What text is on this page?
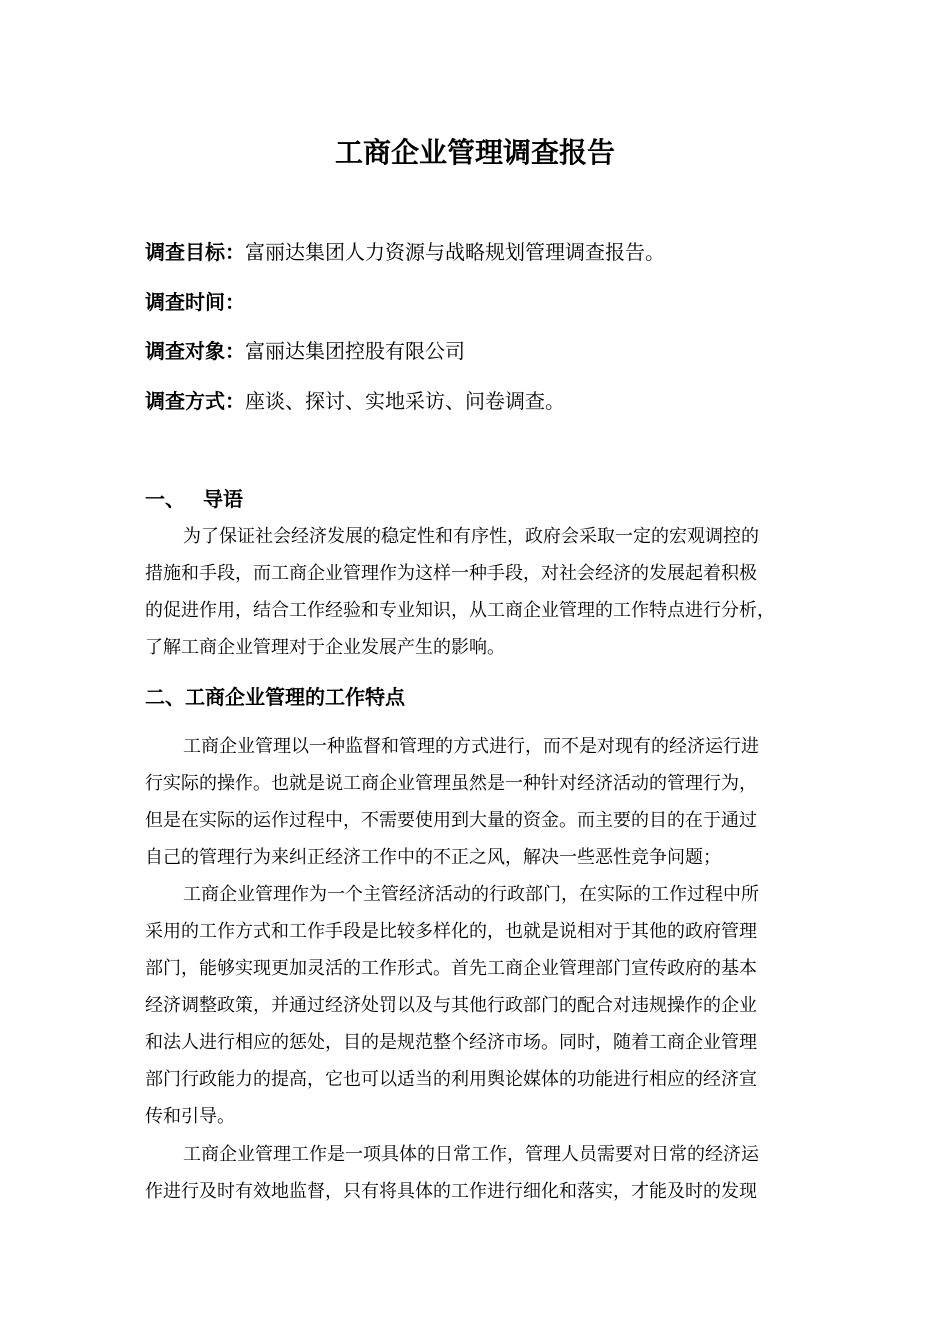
工商企业管理调查报告
调查目标：富丽达集团人力资源与战略规划管理调查报告。
调查时间：
调查对象：富丽达集团控股有限公司
调查方式：座谈、探讨、实地采访、问卷调查。
一、 导语

为了保证社会经济发展的稳定性和有序性，政府会采取一定的宏观调控的
措施和手段，而工商企业管理作为这样一种手段，对社会经济的发展起着积极
的促进作用，结合工作经验和专业知识，从工商企业管理的工作特点进行分析，
了解工商企业管理对于企业发展产生的影响。

二、工商企业管理的工作特点

工商企业管理以一种监督和管理的方式进行，而不是对现有的经济运行进
行实际的操作。也就是说工商企业管理虽然是一种针对经济活动的管理行为，
但是在实际的运作过程中，不需要使用到大量的资金。而主要的目的在于通过
自己的管理行为来纠正经济工作中的不正之风，解决一些恶性竞争问题；

工商企业管理作为一个主管经济活动的行政部门，在实际的工作过程中所
采用的工作方式和工作手段是比较多样化的，也就是说相对于其他的政府管理
部门，能够实现更加灵活的工作形式。首先工商企业管理部门宣传政府的基本
经济调整政策，并通过经济处罚以及与其他行政部门的配合对违规操作的企业
和法人进行相应的惩处，目的是规范整个经济市场。同时，随着工商企业管理
部门行政能力的提高，它也可以适当的利用舆论媒体的功能进行相应的经济宣
传和引导。

工商企业管理工作是一项具体的日常工作，管理人员需要对日常的经济运
作进行及时有效地监督，只有将具体的工作进行细化和落实，才能及时的发现
